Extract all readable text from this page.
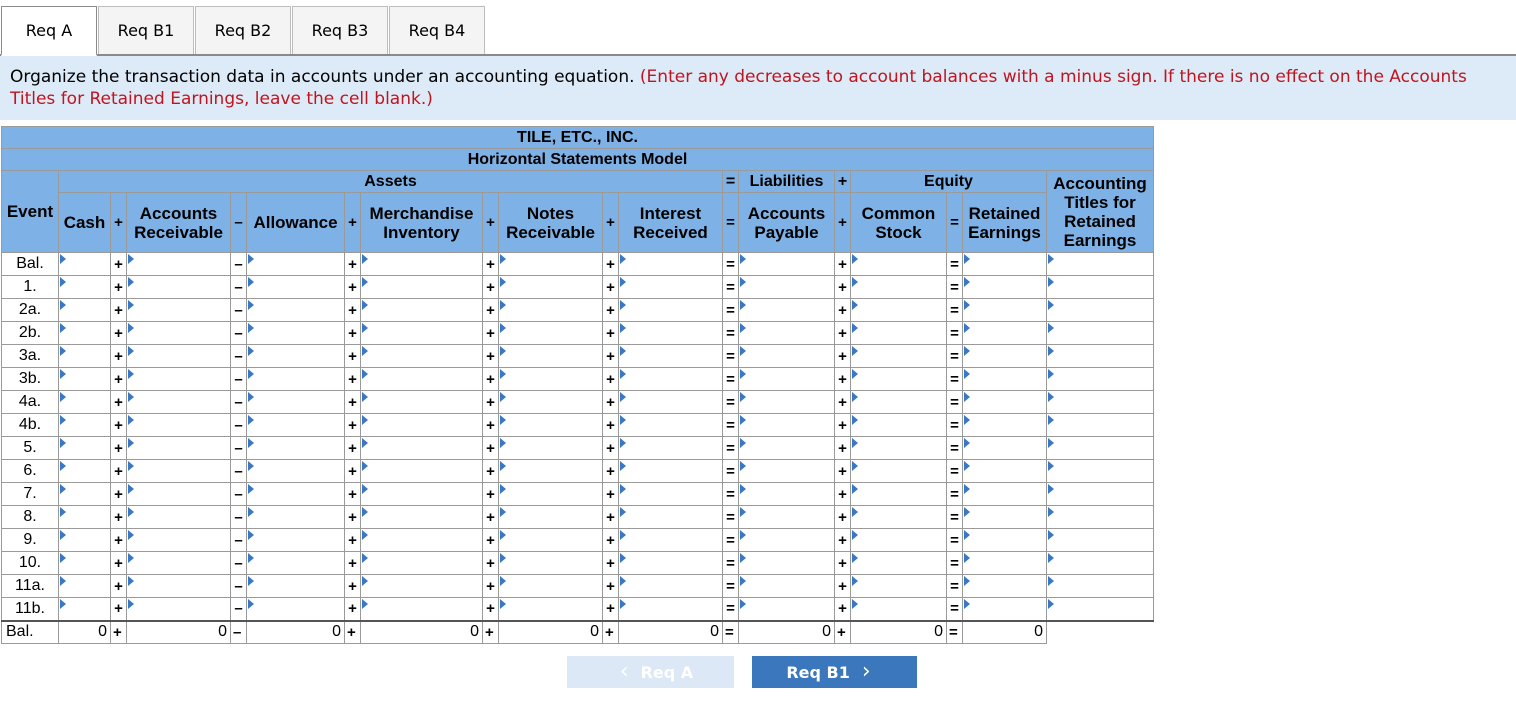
Req A	Req B1	Req B2	Req B3	Req B4
Organize the transaction data in accounts under an accounting equation. (Enter any decreases to account balances with a minus sign. If there is no effect on the Accounts Titles for Retained Earnings, leave the cell blank.)
TILE, ETC., INC.																		
Horizontal Statements Model																		
Event	Assets											=	Liabilities	+	Equity			Accounting
Titles for
Retained
Earnings
	Cash	+	Accounts
Receivable	–	Allowance	+	Merchandise
Inventory	+	Notes
Receivable	+	Interest
Received	=	Accounts
Payable	+	Common
Stock	=	Retained
Earnings	
Bal.		+		–		+		+		+		=		+		=		
1.		+		–		+		+		+		=		+		=		
2a.		+		–		+		+		+		=		+		=		
2b.		+		–		+		+		+		=		+		=		
3a.		+		–		+		+		+		=		+		=		
3b.		+		–		+		+		+		=		+		=		
4a.		+		–		+		+		+		=		+		=		
4b.		+		–		+		+		+		=		+		=		
5.		+		–		+		+		+		=		+		=		
6.		+		–		+		+		+		=		+		=		
7.		+		–		+		+		+		=		+		=		
8.		+		–		+		+		+		=		+		=		
9.		+		–		+		+		+		=		+		=		
10.		+		–		+		+		+		=		+		=		
11a.		+		–		+		+		+		=		+		=		
11b.		+		–		+		+		+		=		+		=		
Bal.	0	+	0	–	0	+	0	+	0	+	0	=	0	+	0	=	0	
‹ Req A	Req B1 ›
